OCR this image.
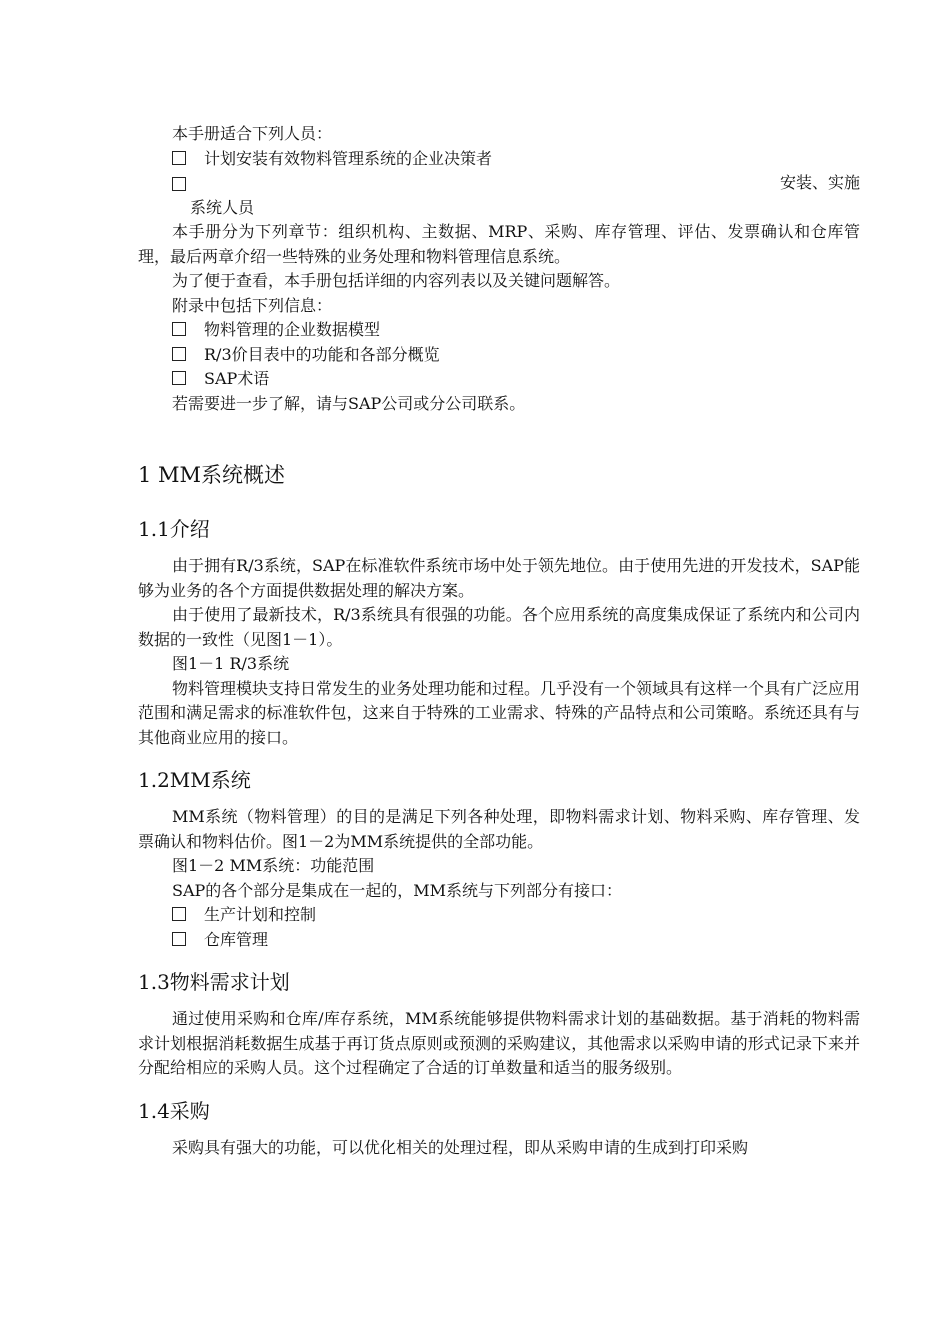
本手册适合下列人员：

计划安装有效物料管理系统的企业决策者
安装、实施
系统人员

本手册分为下列章节：组织机构、主数据、MRP、采购、库存管理、评估、发票确认和仓库管理，最后两章介绍一些特殊的业务处理和物料管理信息系统。

为了便于查看，本手册包括详细的内容列表以及关键问题解答。

附录中包括下列信息：

物料管理的企业数据模型
R/3价目表中的功能和各部分概览
SAP术语

若需要进一步了解，请与SAP公司或分公司联系。

1 MM系统概述
1.1介绍

由于拥有R/3系统，SAP在标准软件系统市场中处于领先地位。由于使用先进的开发技术，SAP能够为业务的各个方面提供数据处理的解决方案。

由于使用了最新技术，R/3系统具有很强的功能。各个应用系统的高度集成保证了系统内和公司内数据的一致性（见图1－1）。

图1－1 R/3系统

物料管理模块支持日常发生的业务处理功能和过程。几乎没有一个领域具有这样一个具有广泛应用范围和满足需求的标准软件包，这来自于特殊的工业需求、特殊的产品特点和公司策略。系统还具有与其他商业应用的接口。

1.2MM系统

MM系统（物料管理）的目的是满足下列各种处理，即物料需求计划、物料采购、库存管理、发票确认和物料估价。图1－2为MM系统提供的全部功能。

图1－2 MM系统：功能范围

SAP的各个部分是集成在一起的，MM系统与下列部分有接口：

生产计划和控制
仓库管理
1.3物料需求计划

通过使用采购和仓库/库存系统，MM系统能够提供物料需求计划的基础数据。基于消耗的物料需求计划根据消耗数据生成基于再订货点原则或预测的采购建议，其他需求以采购申请的形式记录下来并分配给相应的采购人员。这个过程确定了合适的订单数量和适当的服务级别。

1.4采购

采购具有强大的功能，可以优化相关的处理过程，即从采购申请的生成到打印采购
